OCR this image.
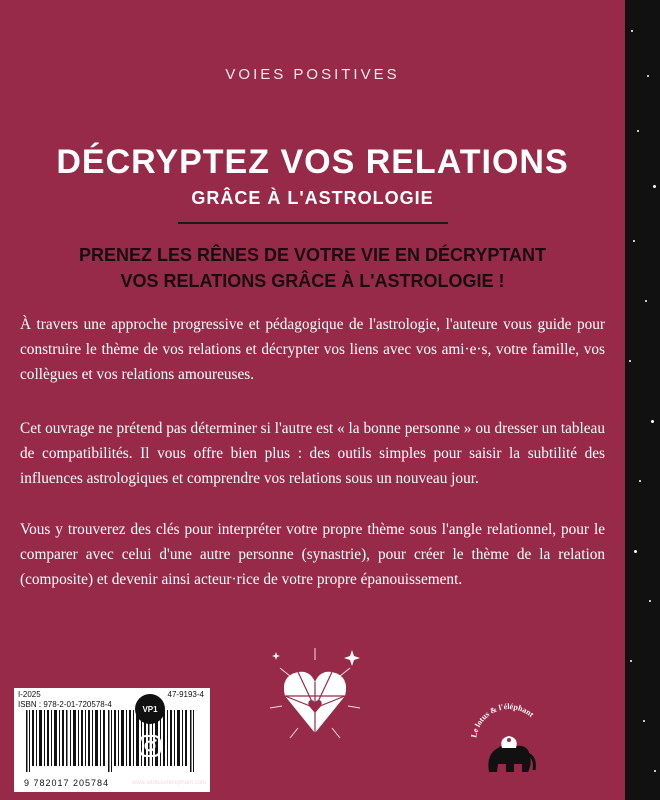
VOIES POSITIVES
DÉCRYPTEZ VOS RELATIONS
GRÂCE À L'ASTROLOGIE
PRENEZ LES RÊNES DE VOTRE VIE EN DÉCRYPTANT
VOS RELATIONS GRÂCE À L'ASTROLOGIE !

À travers une approche progressive et pédagogique de l'astrologie, l'auteure vous guide pour construire le thème de vos relations et décrypter vos liens avec vos ami·e·s, votre famille, vos collègues et vos relations amoureuses.

Cet ouvrage ne prétend pas déterminer si l'autre est « la bonne personne » ou dresser un tableau de compatibilités. Il vous offre bien plus : des outils simples pour saisir la subtilité des influences astrologiques et comprendre vos relations sous un nouveau jour.

Vous y trouverez des clés pour interpréter votre propre thème sous l'angle relationnel, pour le comparer avec celui d'une autre personne (synastrie), pour créer le thème de la relation (composite) et devenir ainsi acteur·rice de votre propre épanouissement.

I-2025	47-9193-4
ISBN : 978-2-01-720578-4
9 782017 205784
VP1
www.lelotusetlelephant.com
Le lotus & l'éléphant
